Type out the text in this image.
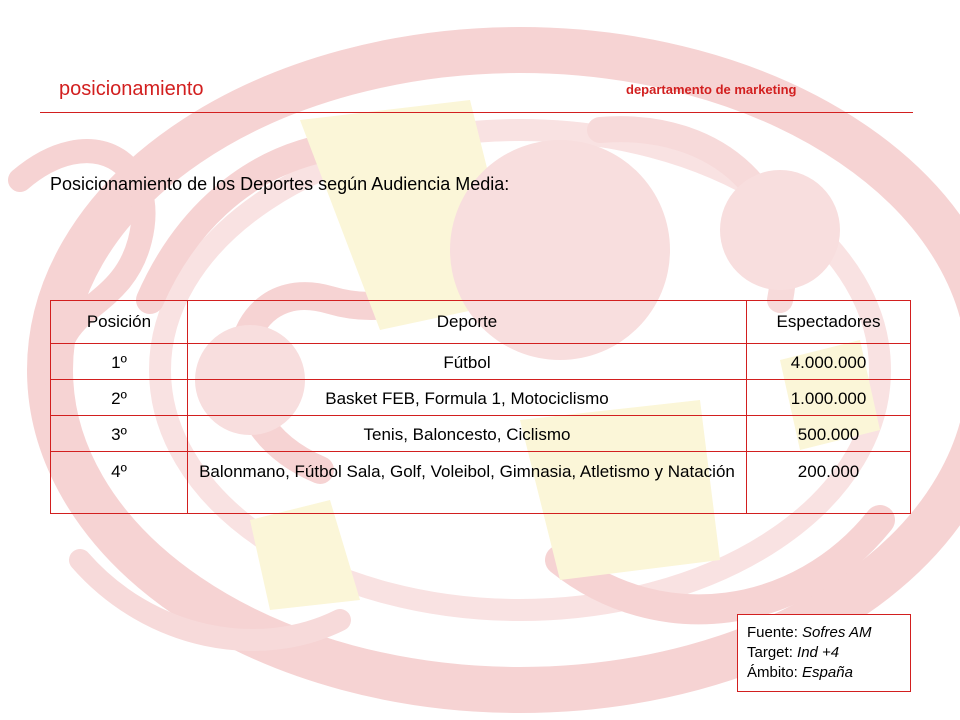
posicionamiento	departamento de marketing
Posicionamiento de los Deportes según Audiencia Media:
Posición	Deporte	Espectadores
1º	Fútbol	4.000.000
2º	Basket FEB, Formula 1, Motociclismo	1.000.000
3º	Tenis, Baloncesto, Ciclismo	500.000
4º	Balonmano, Fútbol Sala, Golf, Voleibol, Gimnasia, Atletismo y Natación	200.000
Fuente: Sofres AM
Target: Ind +4
Ámbito: España
